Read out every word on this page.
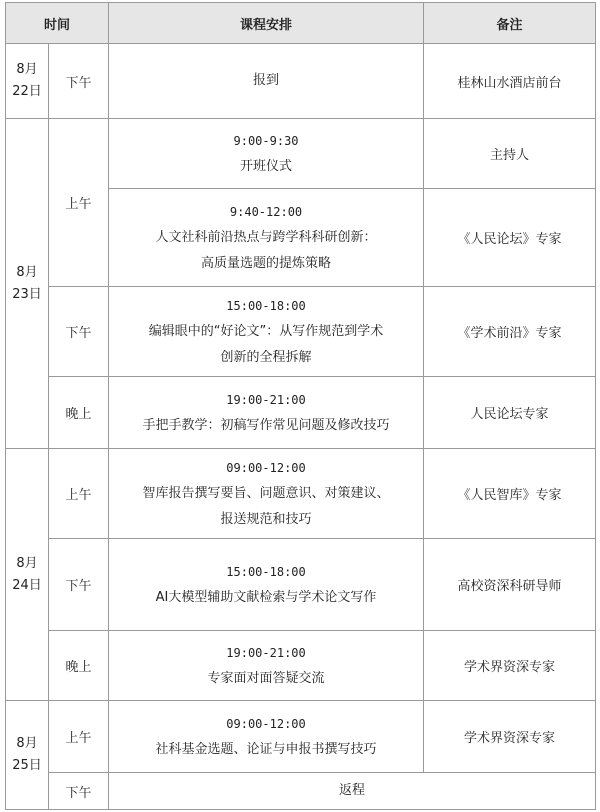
时间		课程安排	备注
8月
22日	下午	报到	桂林山水酒店前台
8月
23日	上午	9:00-9:30
开班仪式	主持人

		9:40-12:00
人文社科前沿热点与跨学科科研创新：
高质量选题的提炼策略	《人民论坛》专家
	下午	15:00-18:00
编辑眼中的“好论文”：从写作规范到学术
创新的全程拆解	《学术前沿》专家
	晚上	19:00-21:00
手把手教学：初稿写作常见问题及修改技巧	人民论坛专家
8月
24日	上午	09:00-12:00
智库报告撰写要旨、问题意识、对策建议、
报送规范和技巧	《人民智库》专家
	下午	15:00-18:00
AI大模型辅助文献检索与学术论文写作	高校资深科研导师
	晚上	19:00-21:00
专家面对面答疑交流	学术界资深专家
8月
25日	上午	09:00-12:00
社科基金选题、论证与申报书撰写技巧	学术界资深专家
	下午	返程	
